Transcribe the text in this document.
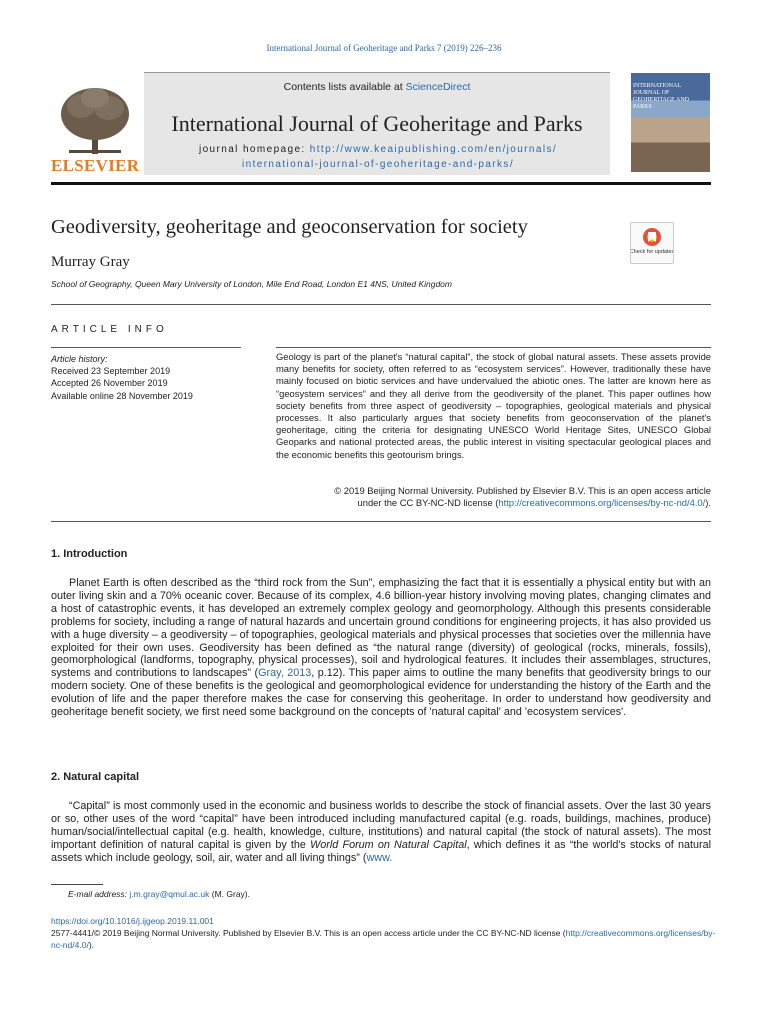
International Journal of Geoheritage and Parks 7 (2019) 226–236
ELSEVIER
Contents lists available at ScienceDirect
International Journal of Geoheritage and Parks
journal homepage: http://www.keaipublishing.com/en/journals/
international-journal-of-geoheritage-and-parks/
INTERNATIONAL JOURNAL OF GEOHERITAGE AND PARKS
Geodiversity, geoheritage and geoconservation for society
Check for updates
Murray Gray
School of Geography, Queen Mary University of London, Mile End Road, London E1 4NS, United Kingdom
ARTICLE INFO
Article history:
Received 23 September 2019
Accepted 26 November 2019
Available online 28 November 2019
Geology is part of the planet's “natural capital”, the stock of global natural assets. These assets provide many benefits for society, often referred to as “ecosystem services”. However, traditionally these have mainly focused on biotic services and have undervalued the abiotic ones. The latter are known here as “geosystem services” and they all derive from the geodiversity of the planet. This paper outlines how society benefits from three aspect of geodiversity – topographies, geological materials and physical processes. It also particularly argues that society benefits from geoconservation of the planet's geoheritage, citing the criteria for designating UNESCO World Heritage Sites, UNESCO Global Geoparks and national protected areas, the public interest in visiting spectacular geological places and the economic benefits this geotourism brings.
© 2019 Beijing Normal University. Published by Elsevier B.V. This is an open access article
under the CC BY-NC-ND license (http://creativecommons.org/licenses/by-nc-nd/4.0/).
1. Introduction
Planet Earth is often described as the “third rock from the Sun”, emphasizing the fact that it is essentially a physical entity but with an outer living skin and a 70% oceanic cover. Because of its complex, 4.6 billion-year history involving moving plates, changing climates and a host of catastrophic events, it has developed an extremely complex geology and geomorphology. Although this presents considerable problems for society, including a range of natural hazards and uncertain ground conditions for engineering projects, it has also provided us with a huge diversity – a geodiversity – of topographies, geological materials and physical processes that societies over the millennia have exploited for their own uses. Geodiversity has been defined as “the natural range (diversity) of geological (rocks, minerals, fossils), geomorphological (landforms, topography, physical processes), soil and hydrological features. It includes their assemblages, structures, systems and contributions to landscapes” (Gray, 2013, p.12). This paper aims to outline the many benefits that geodiversity brings to our modern society. One of these benefits is the geological and geomorphological evidence for understanding the history of the Earth and the evolution of life and the paper therefore makes the case for conserving this geoheritage. In order to understand how geodiversity and geoheritage benefit society, we first need some background on the concepts of 'natural capital' and 'ecosystem services'.
2. Natural capital
“Capital” is most commonly used in the economic and business worlds to describe the stock of financial assets. Over the last 30 years or so, other uses of the word “capital” have been introduced including manufactured capital (e.g. roads, buildings, machines, produce) human/social/intellectual capital (e.g. health, knowledge, culture, institutions) and natural capital (the stock of natural assets). The most important definition of natural capital is given by the World Forum on Natural Capital, which defines it as “the world's stocks of natural assets which include geology, soil, air, water and all living things” (www.
E-mail address: j.m.gray@qmul.ac.uk (M. Gray).
https://doi.org/10.1016/j.ijgeop.2019.11.001
2577-4441/© 2019 Beijing Normal University. Published by Elsevier B.V. This is an open access article under the CC BY-NC-ND license (http://creativecommons.org/licenses/by-nc-nd/4.0/).
